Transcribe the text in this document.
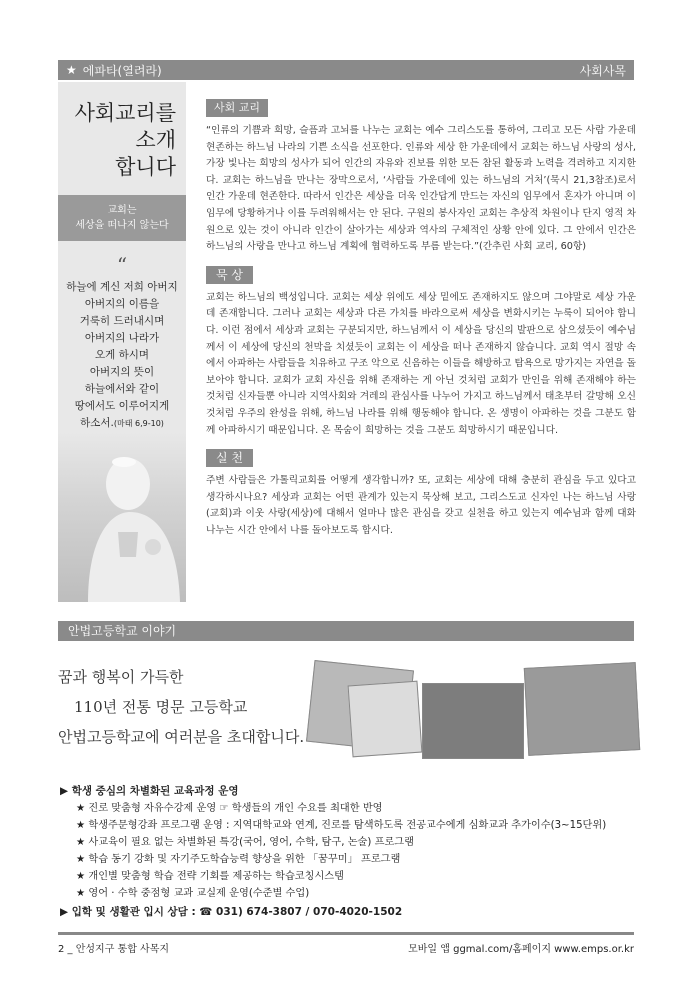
★ 에파타(열려라)	사회사목
사회교리를
소개
합니다
교회는
세상을 떠나지 않는다
“
하늘에 계신 저희 아버지
아버지의 이름을
거룩히 드러내시며
아버지의 나라가
오게 하시며
아버지의 뜻이
하늘에서와 같이
땅에서도 이루어지게
하소서.(마태 6,9-10)
사회 교리

“인류의 기쁨과 희망, 슬픔과 고뇌를 나누는 교회는 예수 그리스도를 통하여, 그리고 모든 사람 가운데 현존하는 하느님 나라의 기쁜 소식을 선포한다. 인류와 세상 한 가운데에서 교회는 하느님 사랑의 성사, 가장 빛나는 희망의 성사가 되어 인간의 자유와 진보를 위한 모든 참된 활동과 노력을 격려하고 지지한다. 교회는 하느님을 만나는 장막으로서, ‘사람들 가운데에 있는 하느님의 거처’(묵시 21,3참조)로서 인간 가운데 현존한다. 따라서 인간은 세상을 더욱 인간답게 만드는 자신의 임무에서 혼자가 아니며 이 임무에 당황하거나 이를 두려워해서는 안 된다. 구원의 봉사자인 교회는 추상적 차원이나 단지 영적 차원으로 있는 것이 아니라 인간이 살아가는 세상과 역사의 구체적인 상황 안에 있다. 그 안에서 인간은 하느님의 사랑을 만나고 하느님 계획에 협력하도록 부름 받는다.”(간추린 사회 교리, 60항)

묵 상

교회는 하느님의 백성입니다. 교회는 세상 위에도 세상 밑에도 존재하지도 않으며 그야말로 세상 가운데 존재합니다. 그러나 교회는 세상과 다른 가치를 바라으로써 세상을 변화시키는 누룩이 되어야 합니다. 이런 점에서 세상과 교회는 구분되지만, 하느님께서 이 세상을 당신의 발판으로 삼으셨듯이 예수님께서 이 세상에 당신의 천막을 치셨듯이 교회는 이 세상을 떠나 존재하지 않습니다. 교회 역시 절망 속에서 아파하는 사람들을 치유하고 구조 악으로 신음하는 이들을 해방하고 탐욕으로 망가지는 자연을 돌보아야 합니다. 교회가 교회 자신을 위해 존재하는 게 아닌 것처럼 교회가 만인을 위해 존재해야 하는 것처럼 신자들뿐 아니라 지역사회와 겨레의 관심사를 나누어 가지고 하느님께서 태초부터 갈망해 오신 것처럼 우주의 완성을 위해, 하느님 나라를 위해 행동해야 합니다. 온 생명이 아파하는 것을 그분도 함께 아파하시기 때문입니다. 온 목숨이 희망하는 것을 그분도 희망하시기 때문입니다.

실 천

주변 사람들은 가톨릭교회를 어떻게 생각합니까? 또, 교회는 세상에 대해 충분히 관심을 두고 있다고 생각하시나요? 세상과 교회는 어떤 관계가 있는지 묵상해 보고, 그리스도교 신자인 나는 하느님 사랑(교회)과 이웃 사랑(세상)에 대해서 얼마나 많은 관심을 갖고 실천을 하고 있는지 예수님과 함께 대화 나누는 시간 안에서 나를 돌아보도록 합시다.

안법고등학교 이야기
꿈과 행복이 가득한
110년 전통 명문 고등학교
안법고등학교에 여러분을 초대합니다.
▶ 학생 중심의 차별화된 교육과정 운영
★ 진로 맞춤형 자유수강제 운영 ☞ 학생들의 개인 수요를 최대한 반영
★ 학생주문형강좌 프로그램 운영 : 지역대학교와 연계, 진로를 탐색하도록 전공교수에게 심화교과 추가이수(3~15단위)
★ 사교육이 필요 없는 차별화된 특강(국어, 영어, 수학, 탐구, 논술) 프로그램
★ 학습 동기 강화 및 자기주도학습능력 향상을 위한 「꿈꾸미」 프로그램
★ 개인별 맞춤형 학습 전략 기회를 제공하는 학습코칭시스템
★ 영어 · 수학 중점형 교과 교실제 운영(수준별 수업)
▶ 입학 및 생활관 입시 상담 : ☎ 031) 674-3807 / 070-4020-1502
2 _ 안성지구 통합 사목지	모바일 앱 ggmal.com/홈페이지 www.emps.or.kr
